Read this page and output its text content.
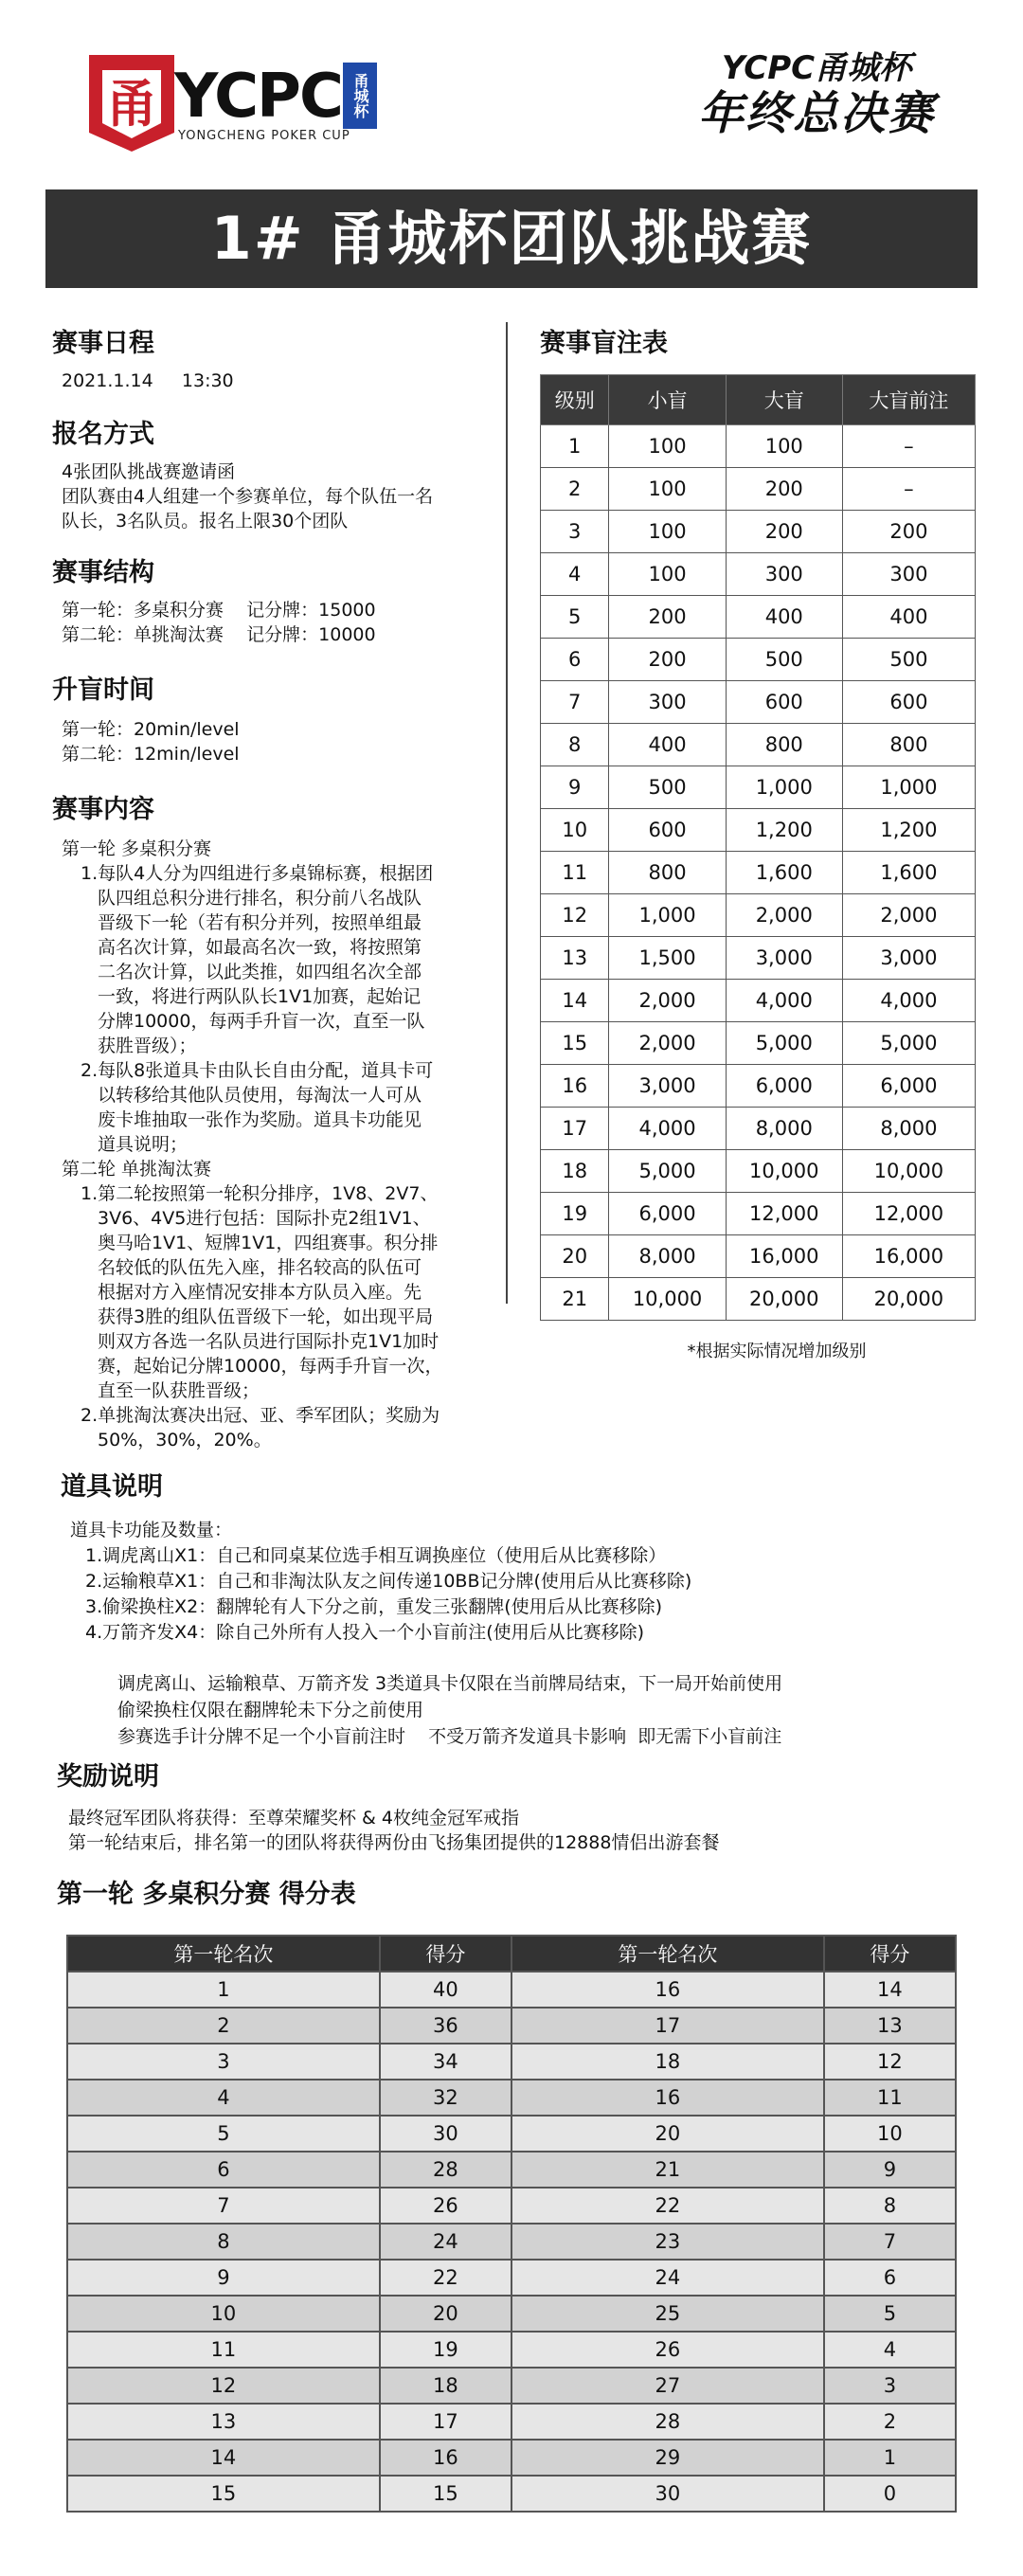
甬 YCPC
YONGCHENG POKER CUP
甬城杯
YCPC甬城杯
年终总决赛
1# 甬城杯团队挑战赛

赛事日程

2021.1.14     13:30

报名方式

4张团队挑战赛邀请函

团队赛由4人组建一个参赛单位，每个队伍一名

队长，3名队员。报名上限30个团队

赛事结构

第一轮：多桌积分赛    记分牌：15000

第二轮：单挑淘汰赛    记分牌：10000

升盲时间

第一轮：20min/level

第二轮：12min/level

赛事内容

第一轮 多桌积分赛

1.每队4人分为四组进行多桌锦标赛，根据团

队四组总积分进行排名，积分前八名战队

晋级下一轮（若有积分并列，按照单组最

高名次计算，如最高名次一致，将按照第

二名次计算，以此类推，如四组名次全部

一致，将进行两队队长1V1加赛，起始记

分牌10000，每两手升盲一次，直至一队

获胜晋级）；

2.每队8张道具卡由队长自由分配，道具卡可

以转移给其他队员使用，每淘汰一人可从

废卡堆抽取一张作为奖励。道具卡功能见

道具说明；

第二轮 单挑淘汰赛

1.第二轮按照第一轮积分排序，1V8、2V7、

3V6、4V5进行包括：国际扑克2组1V1、

奥马哈1V1、短牌1V1，四组赛事。积分排

名较低的队伍先入座，排名较高的队伍可

根据对方入座情况安排本方队员入座。先

获得3胜的组队伍晋级下一轮，如出现平局

则双方各选一名队员进行国际扑克1V1加时

赛，起始记分牌10000，每两手升盲一次，

直至一队获胜晋级；

2.单挑淘汰赛决出冠、亚、季军团队；奖励为

50%，30%，20%。

赛事盲注表

级别	小盲	大盲	大盲前注
1	100	100	–
2	100	200	–
3	100	200	200
4	100	300	300
5	200	400	400
6	200	500	500
7	300	600	600
8	400	800	800
9	500	1,000	1,000
10	600	1,200	1,200
11	800	1,600	1,600
12	1,000	2,000	2,000
13	1,500	3,000	3,000
14	2,000	4,000	4,000
15	2,000	5,000	5,000
16	3,000	6,000	6,000
17	4,000	8,000	8,000
18	5,000	10,000	10,000
19	6,000	12,000	12,000
20	8,000	16,000	16,000
21	10,000	20,000	20,000
*根据实际情况增加级别

道具说明

道具卡功能及数量：

1.调虎离山X1：自己和同桌某位选手相互调换座位（使用后从比赛移除）

2.运输粮草X1：自己和非淘汰队友之间传递10BB记分牌(使用后从比赛移除)

3.偷梁换柱X2：翻牌轮有人下分之前，重发三张翻牌(使用后从比赛移除)

4.万箭齐发X4：除自己外所有人投入一个小盲前注(使用后从比赛移除)

调虎离山、运输粮草、万箭齐发 3类道具卡仅限在当前牌局结束，下一局开始前使用

偷梁换柱仅限在翻牌轮未下分之前使用

参赛选手计分牌不足一个小盲前注时    不受万箭齐发道具卡影响  即无需下小盲前注

奖励说明

最终冠军团队将获得：至尊荣耀奖杯 & 4枚纯金冠军戒指

第一轮结束后，排名第一的团队将获得两份由飞扬集团提供的12888情侣出游套餐

第一轮 多桌积分赛 得分表
第一轮名次	得分	第一轮名次	得分
1	40	16	14
2	36	17	13
3	34	18	12
4	32	16	11
5	30	20	10
6	28	21	9
7	26	22	8
8	24	23	7
9	22	24	6
10	20	25	5
11	19	26	4
12	18	27	3
13	17	28	2
14	16	29	1
15	15	30	0
